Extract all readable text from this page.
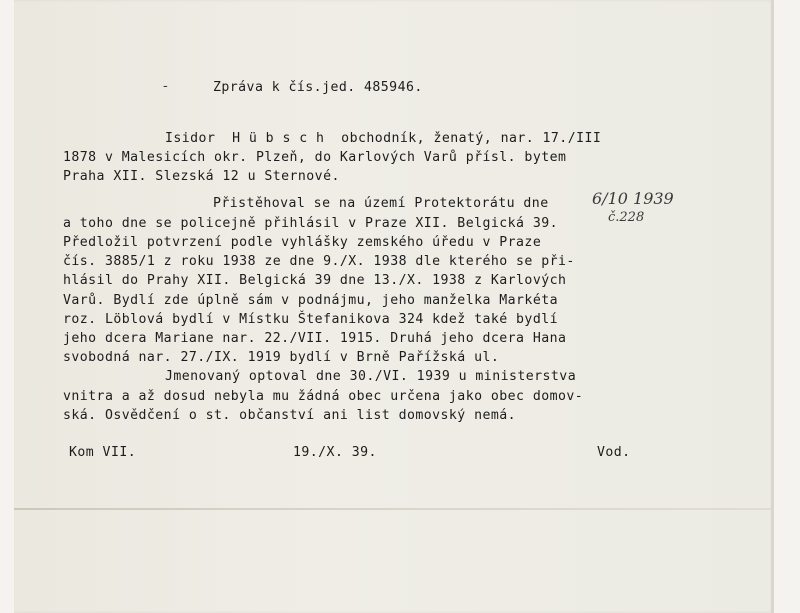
‐	Zpráva k čís.jed. 485946.
Isidor  H ü b s c h  obchodník, ženatý, nar. 17./III
1878 v Malesicích okr. Plzeň, do Karlových Varů přísl. bytem
Praha XII. Slezská 12 u Sternové.
Přistěhoval se na území Protektorátu dne	6/10 1939
a toho dne se policejně přihlásil v Praze XII. Belgická 39.	č.228
Předložil potvrzení podle vyhlášky zemského úředu v Praze
čís. 3885/1 z roku 1938 ze dne 9./X. 1938 dle kterého se při-
hlásil do Prahy XII. Belgická 39 dne 13./X. 1938 z Karlových
Varů. Bydlí zde úplně sám v podnájmu, jeho manželka Markéta
roz. Löblová bydlí v Místku Štefanikova 324 kdež také bydlí
jeho dcera Mariane nar. 22./VII. 1915. Druhá jeho dcera Hana
svobodná nar. 27./IX. 1919 bydlí v Brně Pařížská ul.
Jmenovaný optoval dne 30./VI. 1939 u ministerstva
vnitra a až dosud nebyla mu žádná obec určena jako obec domov-
ská. Osvědčení o st. občanství ani list domovský nemá.
Kom VII.	19./X. 39.	Vod.
